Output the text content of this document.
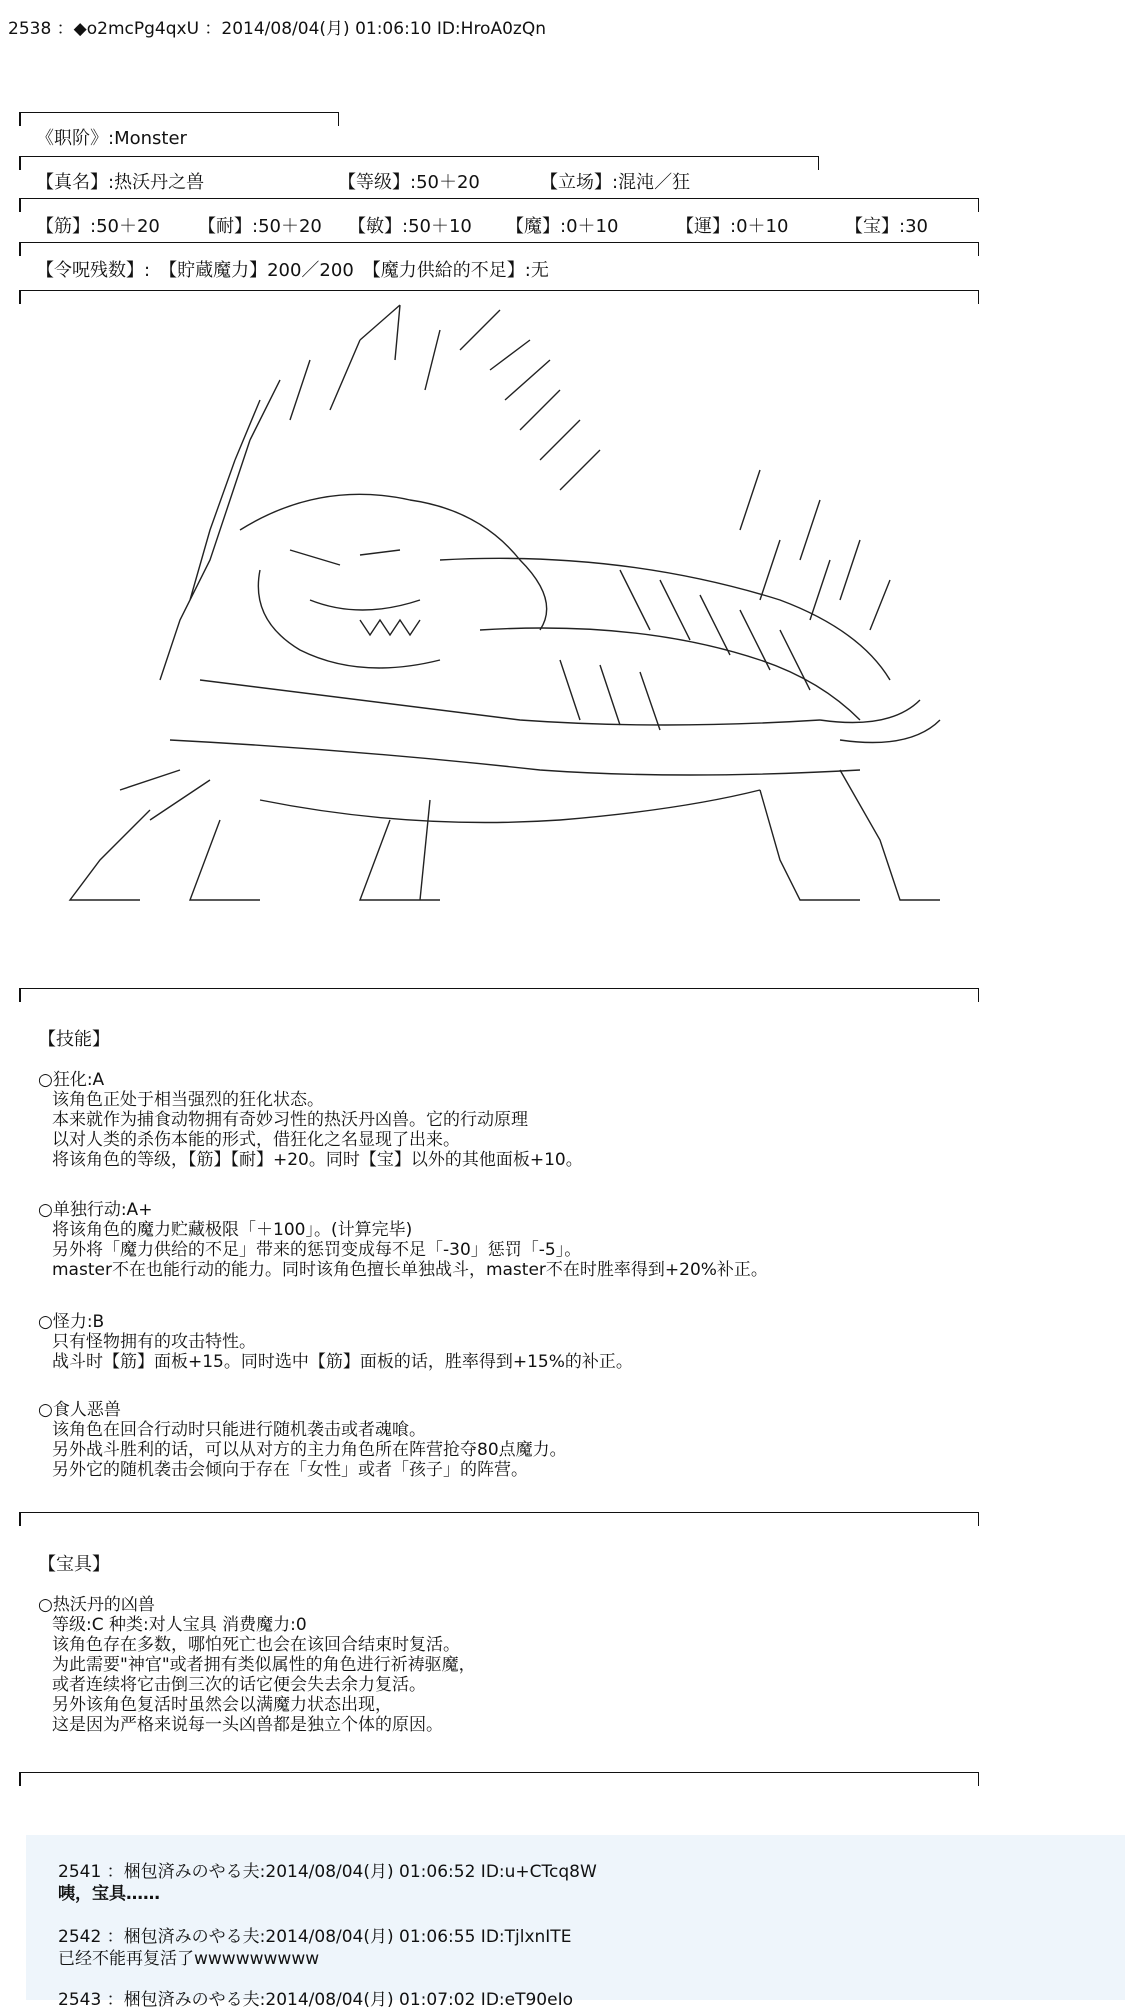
2538 ：◆o2mcPg4qxU ：2014/08/04(月) 01:06:10 ID:HroA0zQn
《职阶》:Monster
【真名】:热沃丹之兽	【等级】:50＋20	【立场】:混沌／狂
【筋】:50＋20 【耐】:50＋20 【敏】:50＋10 【魔】:0＋10	【運】:0＋10	【宝】:30
【令呪残数】:　【貯蔵魔力】200／200　【魔力供給的不足】:无
【技能】
○狂化:A
该角色正处于相当强烈的狂化状态。
本来就作为捕食动物拥有奇妙习性的热沃丹凶兽。它的行动原理
以对人类的杀伤本能的形式，借狂化之名显现了出来。
将该角色的等级，【筋】【耐】+20。同时【宝】以外的其他面板+10。
○单独行动:A+
将该角色的魔力贮藏极限「＋100」。(计算完毕)
另外将「魔力供给的不足」带来的惩罚变成每不足「-30」惩罚「-5」。
master不在也能行动的能力。同时该角色擅长单独战斗，master不在时胜率得到+20%补正。
○怪力:B
只有怪物拥有的攻击特性。
战斗时【筋】面板+15。同时选中【筋】面板的话，胜率得到+15%的补正。
○食人恶兽
该角色在回合行动时只能进行随机袭击或者魂喰。
另外战斗胜利的话，可以从对方的主力角色所在阵营抢夺80点魔力。
另外它的随机袭击会倾向于存在「女性」或者「孩子」的阵营。
【宝具】
○热沃丹的凶兽
等级:C 种类:对人宝具 消费魔力:0
该角色存在多数，哪怕死亡也会在该回合结束时复活。
为此需要"神官"或者拥有类似属性的角色进行祈祷驱魔，
或者连续将它击倒三次的话它便会失去余力复活。
另外该角色复活时虽然会以满魔力状态出现，
这是因为严格来说每一头凶兽都是独立个体的原因。
2541 ：梱包済みのやる夫:2014/08/04(月) 01:06:52 ID:u+CTcq8W
咦，宝具……
2542 ：梱包済みのやる夫:2014/08/04(月) 01:06:55 ID:TjlxnITE
已经不能再复活了wwwwwwwww
2543 ：梱包済みのやる夫:2014/08/04(月) 01:07:02 ID:eT90eIo
